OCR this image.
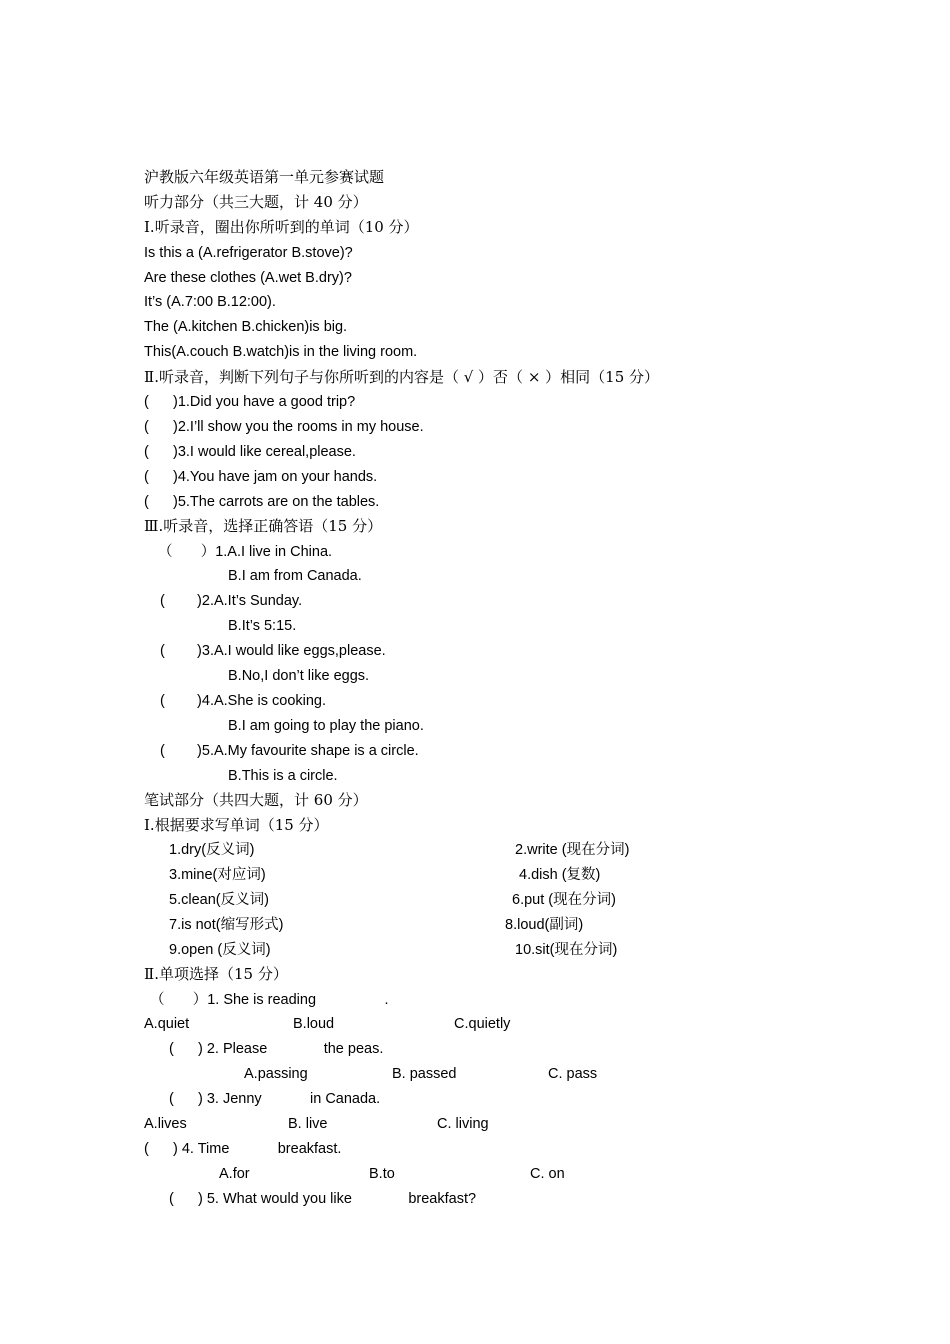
沪教版六年级英语第一单元参赛试题
听力部分（共三大题，计 40 分）
Ⅰ.听录音，圈出你所听到的单词（10 分）
Is this a (A.refrigerator B.stove)?
Are these clothes (A.wet B.dry)?
It’s (A.7:00 B.12:00).
The (A.kitchen B.chicken)is big.
This(A.couch B.watch)is in the living room.
Ⅱ.听录音，判断下列句子与你所听到的内容是（ √ ）否（ × ）相同（15 分）
(      )1.Did you have a good trip?
(      )2.I’ll show you the rooms in my house.
(      )3.I would like cereal,please.
(      )4.You have jam on your hands.
(      )5.The carrots are on the tables.
Ⅲ.听录音，选择正确答语（15 分）
（       ）1.A.I live in China.
B.I am from Canada.
(        )2.A.It’s Sunday.
B.It’s 5:15.
(        )3.A.I would like eggs,please.
B.No,I don’t like eggs.
(        )4.A.She is cooking.
B.I am going to play the piano.
(        )5.A.My favourite shape is a circle.
B.This is a circle.
笔试部分（共四大题，计 60 分）
Ⅰ.根据要求写单词（15 分）
1.dry(反义词)	2.write (现在分词)
3.mine(对应词)	4.dish (复数)
5.clean(反义词)	6.put (现在分词)
7.is not(缩写形式)	8.loud(副词)
9.open (反义词)	10.sit(现在分词)
Ⅱ.单项选择（15 分）
（       ）1. She is reading                 .
A.quiet	B.loud	C.quietly
(      ) 2. Please              the peas.
A.passing	B. passed	C. pass
(      ) 3. Jenny            in Canada.
A.lives	B. live	C. living
(      ) 4. Time            breakfast.
A.for	B.to	C. on
(      ) 5. What would you like              breakfast?
